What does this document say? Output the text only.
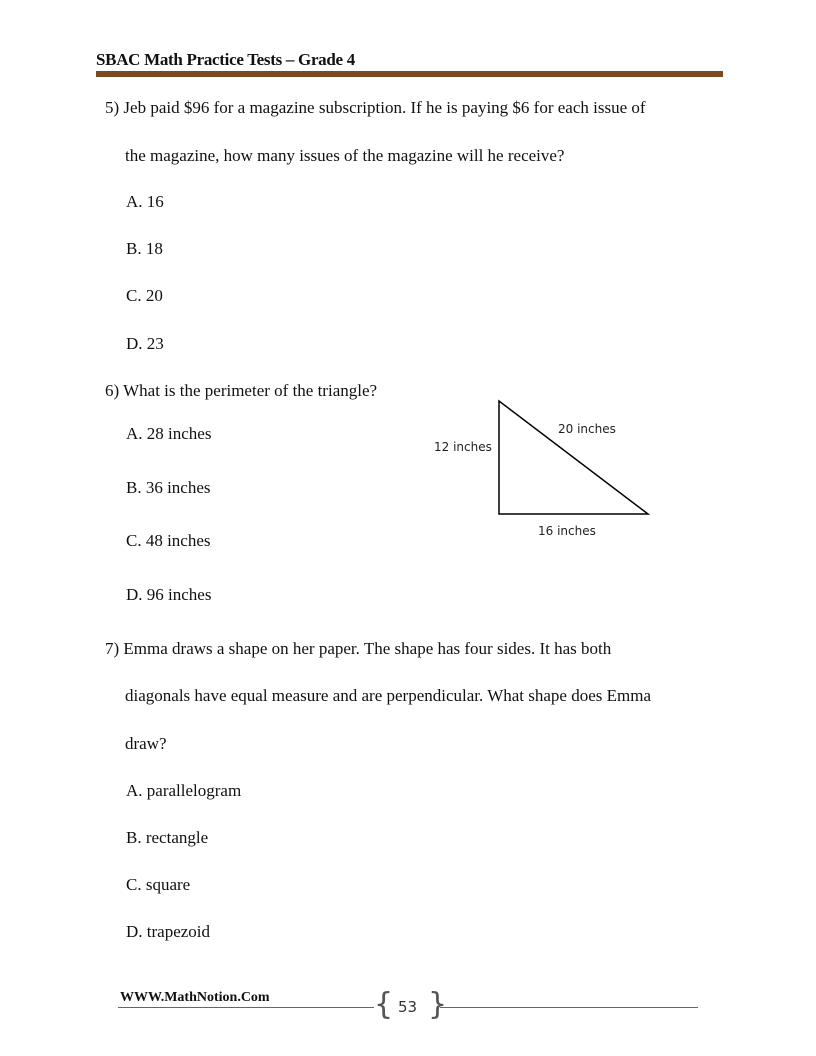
SBAC Math Practice Tests – Grade 4
5) Jeb paid $96 for a magazine subscription. If he is paying $6 for each issue of
the magazine, how many issues of the magazine will he receive?
A. 16
B. 18
C. 20
D. 23
6) What is the perimeter of the triangle?
A. 28 inches
B. 36 inches
C. 48 inches
D. 96 inches
12 inches
20 inches
16 inches
7) Emma draws a shape on her paper. The shape has four sides. It has both
diagonals have equal measure and are perpendicular. What shape does Emma
draw?
A. parallelogram
B. rectangle
C. square
D. trapezoid
WWW.MathNotion.Com	{ }
53
